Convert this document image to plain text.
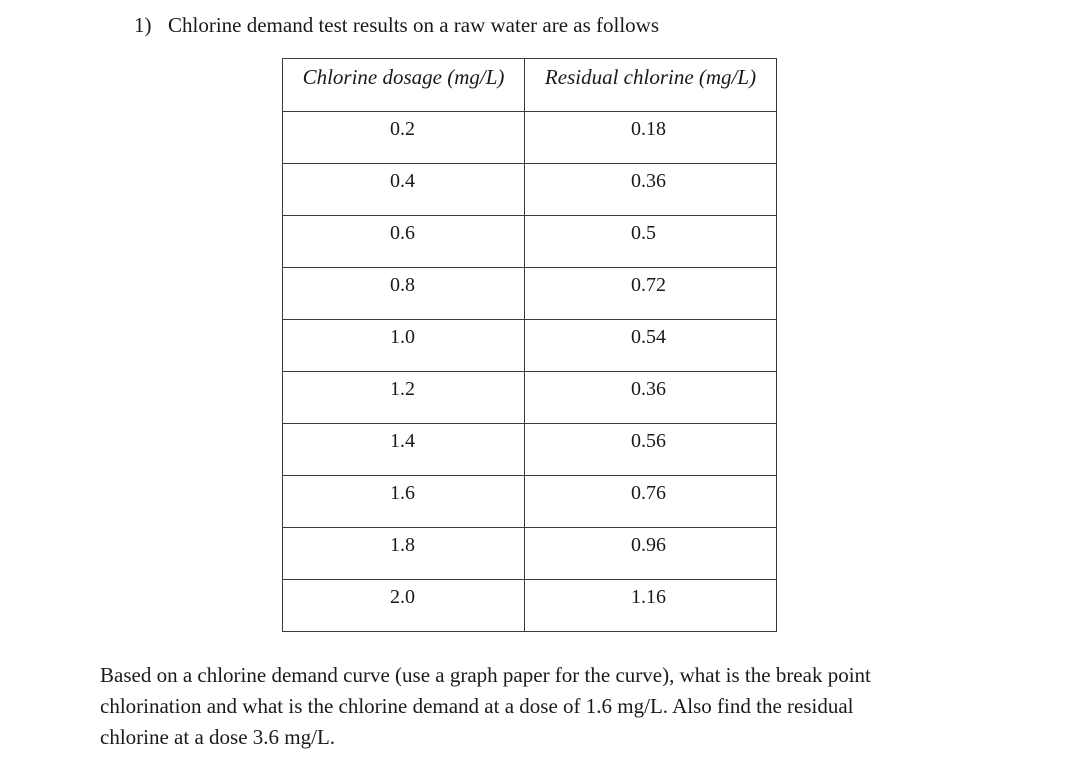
1) Chlorine demand test results on a raw water are as follows
Chlorine dosage (mg/L)	Residual chlorine (mg/L)
0.2	0.18
0.4	0.36
0.6	0.5
0.8	0.72
1.0	0.54
1.2	0.36
1.4	0.56
1.6	0.76
1.8	0.96
2.0	1.16
Based on a chlorine demand curve (use a graph paper for the curve), what is the break point
chlorination and what is the chlorine demand at a dose of 1.6 mg/L. Also find the residual
chlorine at a dose 3.6 mg/L.
